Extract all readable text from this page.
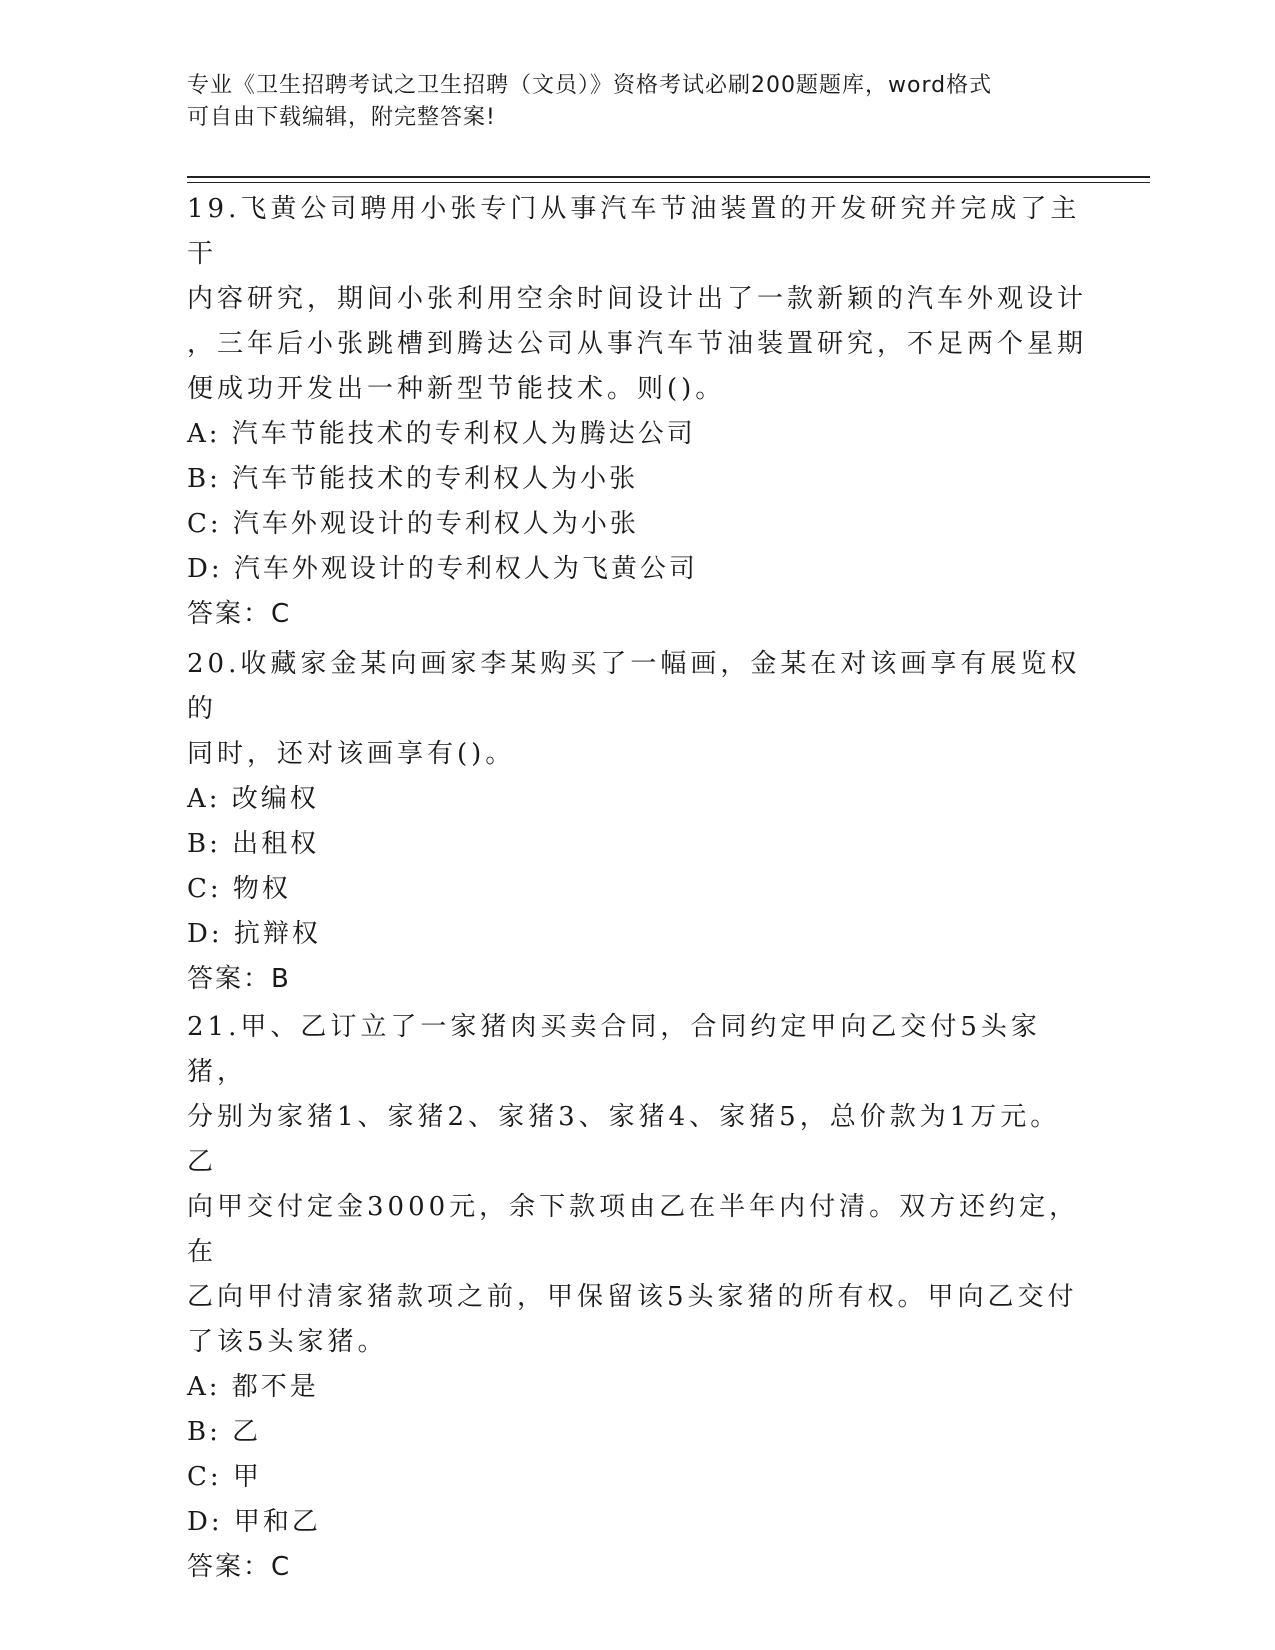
专业《卫生招聘考试之卫生招聘（文员）》资格考试必刷200题题库，word格式
可自由下载编辑，附完整答案!

19.飞黄公司聘用小张专门从事汽车节油装置的开发研究并完成了主干

内容研究，期间小张利用空余时间设计出了一款新颖的汽车外观设计

，三年后小张跳槽到腾达公司从事汽车节油装置研究，不足两个星期

便成功开发出一种新型节能技术。则()。

A: 汽车节能技术的专利权人为腾达公司

B: 汽车节能技术的专利权人为小张

C: 汽车外观设计的专利权人为小张

D: 汽车外观设计的专利权人为飞黄公司

答案：C

20.收藏家金某向画家李某购买了一幅画，金某在对该画享有展览权的

同时，还对该画享有()。

A: 改编权

B: 出租权

C: 物权

D: 抗辩权

答案：B

21.甲、乙订立了一家猪肉买卖合同，合同约定甲向乙交付5头家猪，

分别为家猪1、家猪2、家猪3、家猪4、家猪5，总价款为1万元。乙

向甲交付定金3000元，余下款项由乙在半年内付清。双方还约定，在

乙向甲付清家猪款项之前，甲保留该5头家猪的所有权。甲向乙交付

了该5头家猪。

A: 都不是

B: 乙

C: 甲

D: 甲和乙

答案：C
